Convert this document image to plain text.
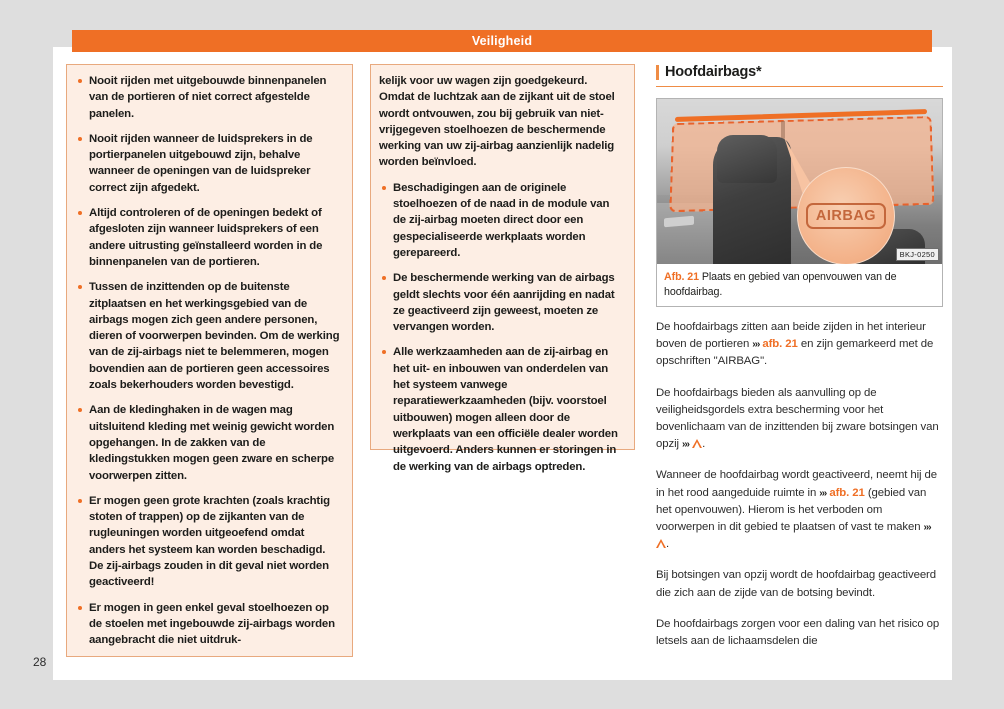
Veiligheid
28
Nooit rijden met uitgebouwde binnenpanelen van de portieren of niet correct afgestelde panelen.
Nooit rijden wanneer de luidsprekers in de portierpanelen uitgebouwd zijn, behalve wanneer de openingen van de luidspreker correct zijn afgedekt.
Altijd controleren of de openingen bedekt of afgesloten zijn wanneer luidsprekers of een andere uitrusting geïnstalleerd worden in de binnenpanelen van de portieren.
Tussen de inzittenden op de buitenste zitplaatsen en het werkingsgebied van de airbags mogen zich geen andere personen, dieren of voorwerpen bevinden. Om de werking van de zij-airbags niet te belemmeren, mogen bovendien aan de portieren geen accessoires zoals bekerhouders worden bevestigd.
Aan de kledinghaken in de wagen mag uitsluitend kleding met weinig gewicht worden opgehangen. In de zakken van de kledingstukken mogen geen zware en scherpe voorwerpen zitten.
Er mogen geen grote krachten (zoals krachtig stoten of trappen) op de zijkanten van de rugleuningen worden uitgeoefend omdat anders het systeem kan worden beschadigd. De zij-airbags zouden in dit geval niet worden geactiveerd!
Er mogen in geen enkel geval stoelhoezen op de stoelen met ingebouwde zij-airbags worden aangebracht die niet uitdruk-
kelijk voor uw wagen zijn goedgekeurd. Omdat de luchtzak aan de zijkant uit de stoel wordt ontvouwen, zou bij gebruik van niet-vrijgegeven stoelhoezen de beschermende werking van uw zij-airbag aanzienlijk nadelig worden beïnvloed.
Beschadigingen aan de originele stoelhoezen of de naad in de module van de zij-airbag moeten direct door een gespecialiseerde werkplaats worden gerepareerd.
De beschermende werking van de airbags geldt slechts voor één aanrijding en nadat ze geactiveerd zijn geweest, moeten ze vervangen worden.
Alle werkzaamheden aan de zij-airbag en het uit- en inbouwen van onderdelen van het systeem vanwege reparatiewerkzaamheden (bijv. voorstoel uitbouwen) mogen alleen door de werkplaats van een officiële dealer worden uitgevoerd. Anders kunnen er storingen in de werking van de airbags optreden.
Hoofdairbags*
AIRBAG
BKJ-0250
Afb. 21 Plaats en gebied van openvouwen van de hoofdairbag.

De hoofdairbags zitten aan beide zijden in het interieur boven de portieren ››› afb. 21 en zijn gemarkeerd met de opschriften "AIRBAG".

De hoofdairbags bieden als aanvulling op de veiligheidsgordels extra bescherming voor het bovenlichaam van de inzittenden bij zware botsingen van opzij ››› .

Wanneer de hoofdairbag wordt geactiveerd, neemt hij de in het rood aangeduide ruimte in ››› afb. 21 (gebied van het openvouwen). Hierom is het verboden om voorwerpen in dit gebied te plaatsen of vast te maken ››› .

Bij botsingen van opzij wordt de hoofdairbag geactiveerd die zich aan de zijde van de botsing bevindt.

De hoofdairbags zorgen voor een daling van het risico op letsels aan de lichaamsdelen die
